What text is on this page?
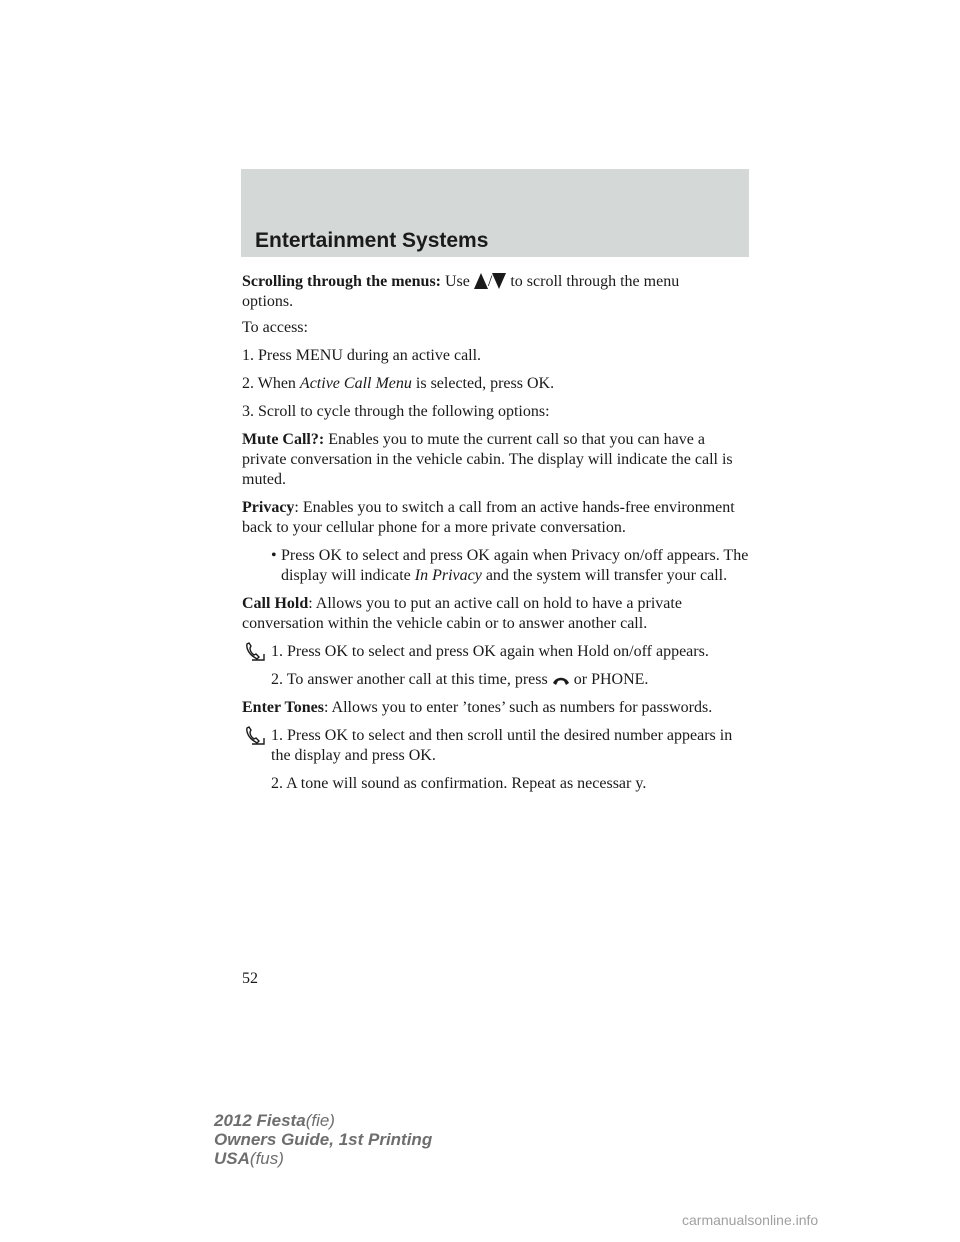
Entertainment Systems

Scrolling through the menus: Use / to scroll through the menu
options.

To access:

1. Press MENU during an active call.

2. When Active Call Menu is selected, press OK.

3. Scroll to cycle through the following options:

Mute Call?: Enables you to mute the current call so that you can have a private conversation in the vehicle cabin. The display will indicate the call is muted.

Privacy: Enables you to switch a call from an active hands-free environment back to your cellular phone for a more private conversation.

• Press OK to select and press OK again when Privacy on/off appears. The display will indicate In Privacy and the system will transfer your call.

Call Hold: Allows you to put an active call on hold to have a private conversation within the vehicle cabin or to answer another call.

1. Press OK to select and press OK again when Hold on/off appears.
2. To answer another call at this time, press  or PHONE.

Enter Tones: Allows you to enter ’tones’ such as numbers for passwords.

1. Press OK to select and then scroll until the desired number appears in the display and press OK.
2. A tone will sound as confirmation. Repeat as necessar y.
52
2012 Fiesta(fie)
Owners Guide, 1st Printing
USA(fus)
carmanualsonline.info
